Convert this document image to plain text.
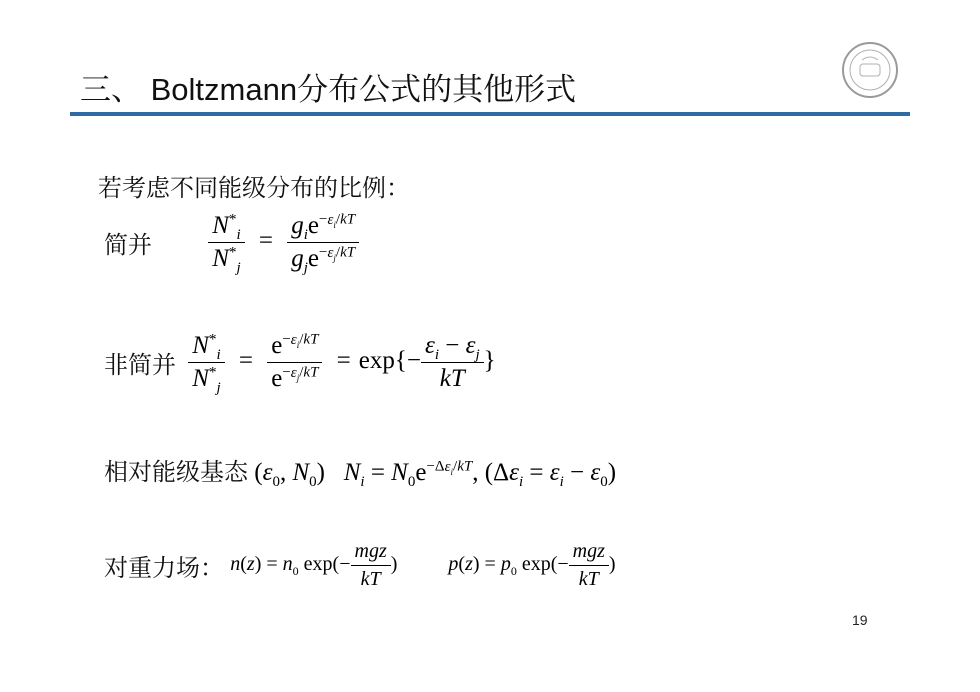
三、 Boltzmann分布公式的其他形式
若考虑不同能级分布的比例：
简并 $\frac{N^*_i}{N^*_j} = \frac{g_ie^{-\varepsilon_i/kT}}{g_je^{-\varepsilon_j/kT}}$
非简并 $\frac{N^*_i}{N^*_j} = \frac{e^{-\varepsilon_i/kT}}{e^{-\varepsilon_j/kT}} = \exp\{- \frac{\varepsilon_i - \varepsilon_j}{kT}$ }
相对能级基态 ($\varepsilon_0$, $N_0$)   $N_i = N_0e^{-\Delta\varepsilon_i/kT}$, $(\Delta\varepsilon_i = \varepsilon_i - \varepsilon_0)$
对重力场： $n(z) = n_0$ $\exp(- \frac{\text{mgz}}{kT}$ ) $p(z) = p_0$ $\exp(- \frac{\text{mgz}}{kT}$ )
19
